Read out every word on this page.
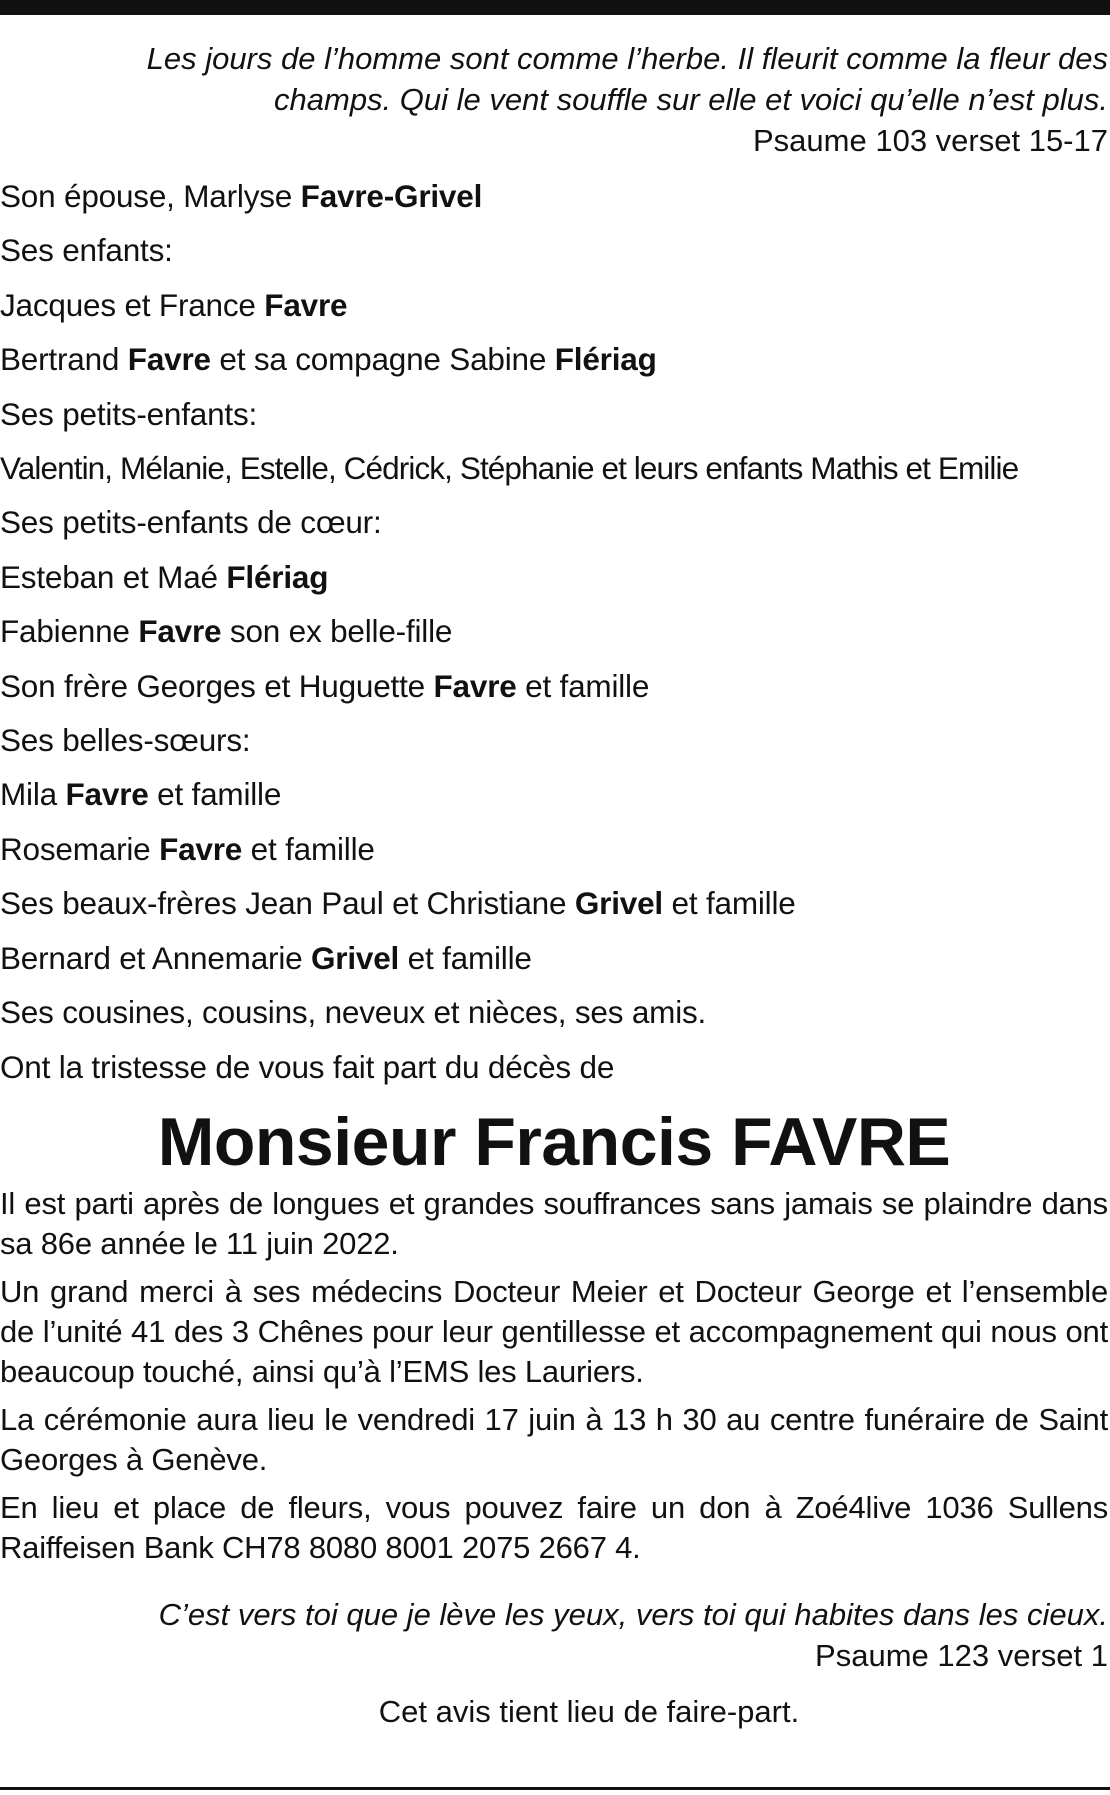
Les jours de l’homme sont comme l’herbe. Il fleurit comme la fleur des
champs. Qui le vent souffle sur elle et voici qu’elle n’est plus.
Psaume 103 verset 15-17
Son épouse, Marlyse Favre-Grivel
Ses enfants:
Jacques et France Favre
Bertrand Favre et sa compagne Sabine Flériag
Ses petits-enfants:
Valentin, Mélanie, Estelle, Cédrick, Stéphanie et leurs enfants Mathis et Emilie
Ses petits-enfants de cœur:
Esteban et Maé Flériag
Fabienne Favre son ex belle-fille
Son frère Georges et Huguette Favre et famille
Ses belles-sœurs:
Mila Favre et famille
Rosemarie Favre et famille
Ses beaux-frères Jean Paul et Christiane Grivel et famille
Bernard et Annemarie Grivel et famille
Ses cousines, cousins, neveux et nièces, ses amis.
Ont la tristesse de vous fait part du décès de
Monsieur Francis FAVRE
Il est parti après de longues et grandes souffrances sans jamais se plaindre dans sa 86e année le 11 juin 2022.
Un grand merci à ses médecins Docteur Meier et Docteur George et l’ensemble de l’unité 41 des 3 Chênes pour leur gentillesse et accompagnement qui nous ont beaucoup touché, ainsi qu’à l’EMS les Lauriers.
La cérémonie aura lieu le vendredi 17 juin à 13 h 30 au centre funéraire de Saint Georges à Genève.
En lieu et place de fleurs, vous pouvez faire un don à Zoé4live 1036 Sullens Raiffeisen Bank CH78 8080 8001 2075 2667 4.
C’est vers toi que je lève les yeux, vers toi qui habites dans les cieux.
Psaume 123 verset 1
Cet avis tient lieu de faire-part.
